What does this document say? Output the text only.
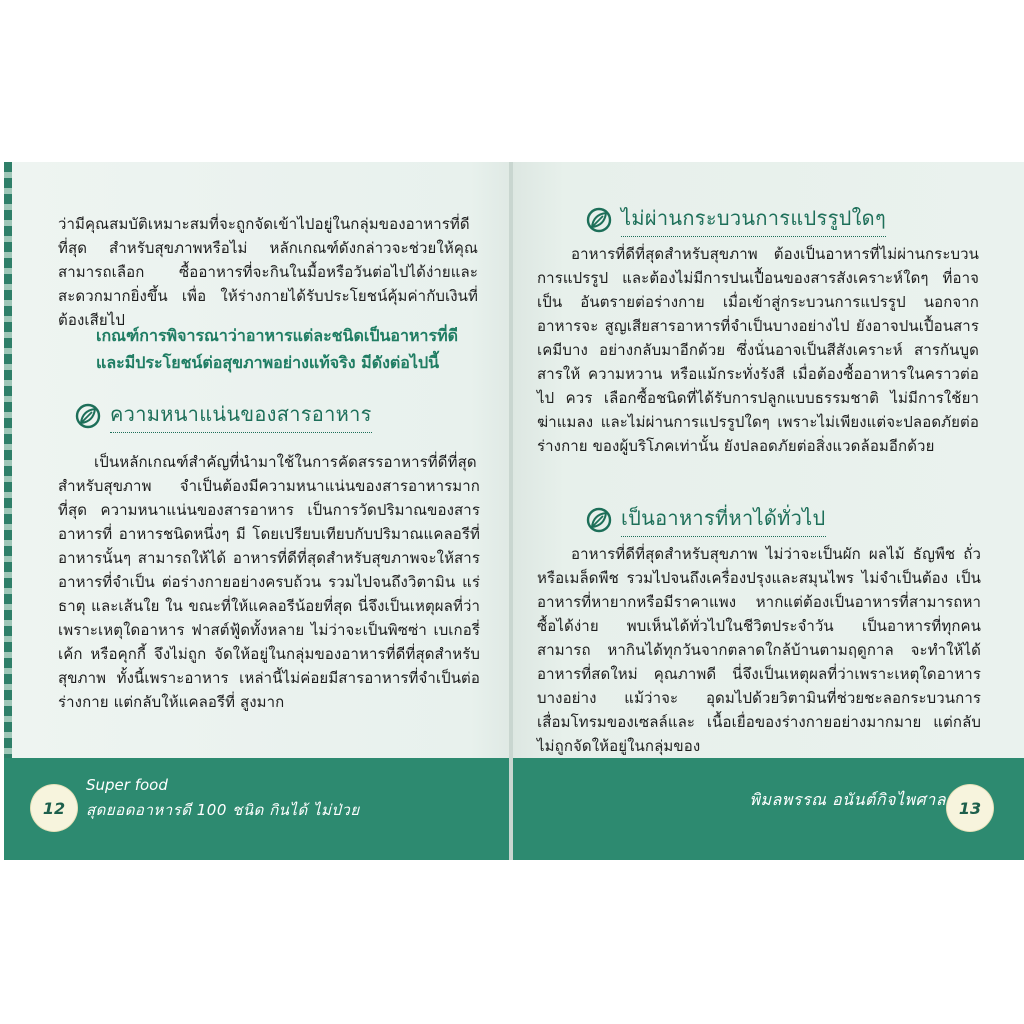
ว่ามีคุณสมบัติเหมาะสมที่จะถูกจัดเข้าไปอยู่ในกลุ่มของอาหารที่ดีที่สุด สำหรับสุขภาพหรือไม่ หลักเกณฑ์ดังกล่าวจะช่วยให้คุณสามารถเลือก ซื้ออาหารที่จะกินในมื้อหรือวันต่อไปได้ง่ายและสะดวกมากยิ่งขึ้น เพื่อ ให้ร่างกายได้รับประโยชน์คุ้มค่ากับเงินที่ต้องเสียไป

เกณฑ์การพิจารณาว่าอาหารแต่ละชนิดเป็นอาหารที่ดี และมีประโยชน์ต่อสุขภาพอย่างแท้จริง มีดังต่อไปนี้

ความหนาแน่นของสารอาหาร

เป็นหลักเกณฑ์สำคัญที่นำมาใช้ในการคัดสรรอาหารที่ดีที่สุด สำหรับสุขภาพ จำเป็นต้องมีความหนาแน่นของสารอาหารมากที่สุด ความหนาแน่นของสารอาหาร เป็นการวัดปริมาณของสารอาหารที่ อาหารชนิดหนึ่งๆ มี โดยเปรียบเทียบกับปริมาณแคลอรีที่อาหารนั้นๆ สามารถให้ได้ อาหารที่ดีที่สุดสำหรับสุขภาพจะให้สารอาหารที่จำเป็น ต่อร่างกายอย่างครบถ้วน รวมไปจนถึงวิตามิน แร่ธาตุ และเส้นใย ใน ขณะที่ให้แคลอรีน้อยที่สุด นี่จึงเป็นเหตุผลที่ว่าเพราะเหตุใดอาหาร ฟาสต์ฟู้ดทั้งหลาย ไม่ว่าจะเป็นพิซซ่า เบเกอรี่ เค้ก หรือคุกกี้ จึงไม่ถูก จัดให้อยู่ในกลุ่มของอาหารที่ดีที่สุดสำหรับสุขภาพ ทั้งนี้เพราะอาหาร เหล่านี้ไม่ค่อยมีสารอาหารที่จำเป็นต่อร่างกาย แต่กลับให้แคลอรีที่ สูงมาก

12
Super food
สุดยอดอาหารดี 100 ชนิด กินได้ ไม่ป่วย
ไม่ผ่านกระบวนการแปรรูปใดๆ

อาหารที่ดีที่สุดสำหรับสุขภาพ ต้องเป็นอาหารที่ไม่ผ่านกระบวน การแปรรูป และต้องไม่มีการปนเปื้อนของสารสังเคราะห์ใดๆ ที่อาจเป็น อันตรายต่อร่างกาย เมื่อเข้าสู่กระบวนการแปรรูป นอกจากอาหารจะ สูญเสียสารอาหารที่จำเป็นบางอย่างไป ยังอาจปนเปื้อนสารเคมีบาง อย่างกลับมาอีกด้วย ซึ่งนั่นอาจเป็นสีสังเคราะห์ สารกันบูด สารให้ ความหวาน หรือแม้กระทั่งรังสี เมื่อต้องซื้ออาหารในคราวต่อไป ควร เลือกซื้อชนิดที่ได้รับการปลูกแบบธรรมชาติ ไม่มีการใช้ยาฆ่าแมลง และไม่ผ่านการแปรรูปใดๆ เพราะไม่เพียงแต่จะปลอดภัยต่อร่างกาย ของผู้บริโภคเท่านั้น ยังปลอดภัยต่อสิ่งแวดล้อมอีกด้วย

เป็นอาหารที่หาได้ทั่วไป

อาหารที่ดีที่สุดสำหรับสุขภาพ ไม่ว่าจะเป็นผัก ผลไม้ ธัญพืช ถั่ว หรือเมล็ดพืช รวมไปจนถึงเครื่องปรุงและสมุนไพร ไม่จำเป็นต้อง เป็นอาหารที่หายากหรือมีราคาแพง หากแต่ต้องเป็นอาหารที่สามารถหา ซื้อได้ง่าย พบเห็นได้ทั่วไปในชีวิตประจำวัน เป็นอาหารที่ทุกคนสามารถ หากินได้ทุกวันจากตลาดใกล้บ้านตามฤดูกาล จะทำให้ได้อาหารที่สดใหม่ คุณภาพดี นี่จึงเป็นเหตุผลที่ว่าเพราะเหตุใดอาหารบางอย่าง แม้ว่าจะ อุดมไปด้วยวิตามินที่ช่วยชะลอกระบวนการเสื่อมโทรมของเซลล์และ เนื้อเยื่อของร่างกายอย่างมากมาย แต่กลับไม่ถูกจัดให้อยู่ในกลุ่มของ

พิมลพรรณ อนันต์กิจไพศาล 13
